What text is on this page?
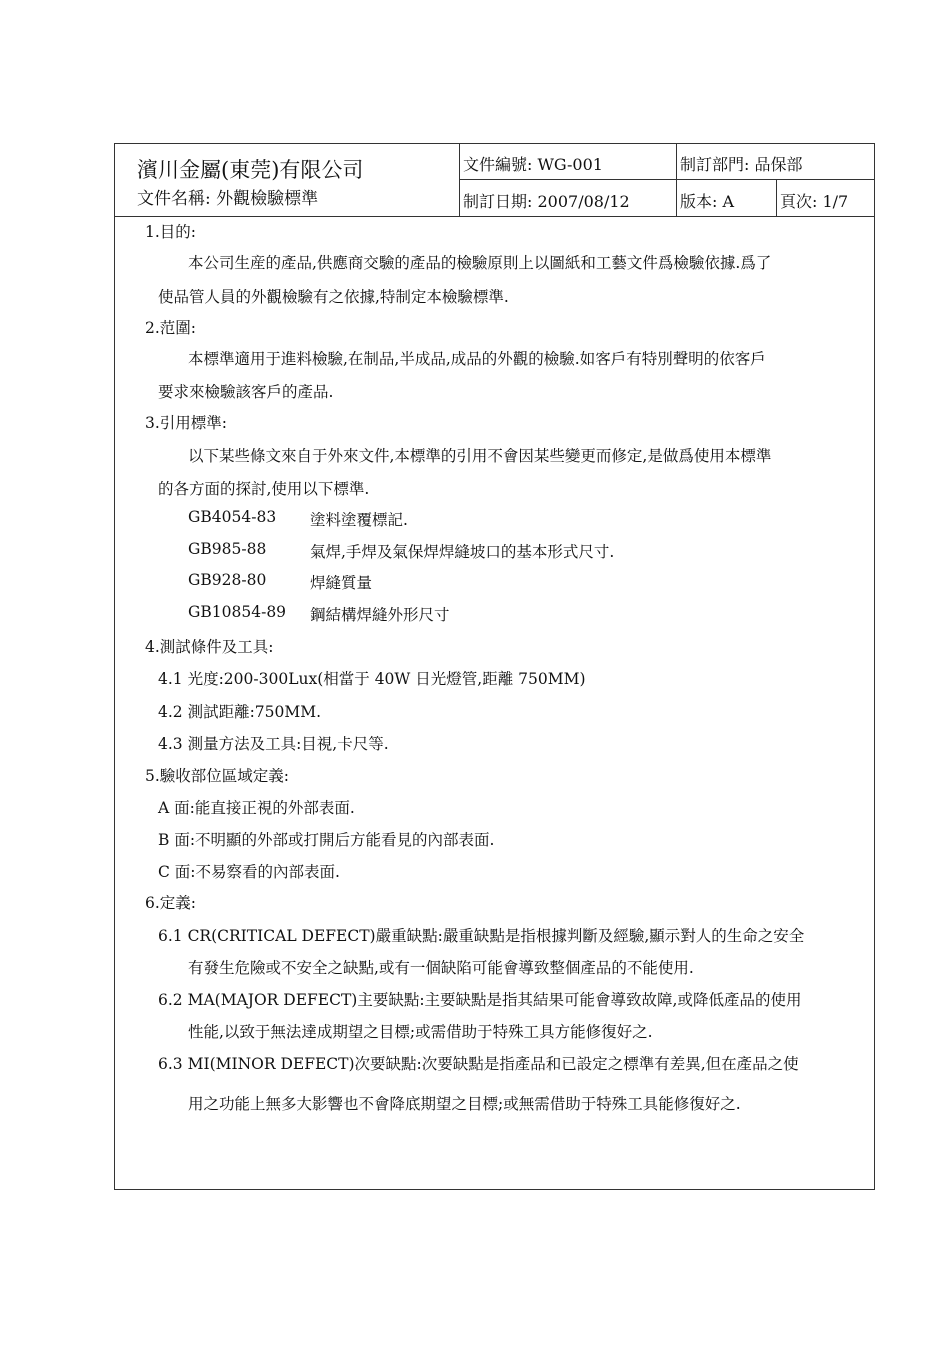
濱川金屬(東莞)有限公司
文件名稱: 外觀檢驗標準
文件編號: WG-001	制訂部門: 品保部
制訂日期: 2007/08/12	版本: A	頁次: 1/7
1.目的:
本公司生産的產品,供應商交驗的產品的檢驗原則上以圖紙和工藝文件爲檢驗依據.爲了
使品管人員的外觀檢驗有之依據,特制定本檢驗標準.
2.范圍:
本標準適用于進料檢驗,在制品,半成品,成品的外觀的檢驗.如客戶有特別聲明的依客戶
要求來檢驗該客戶的產品.
3.引用標準:
以下某些條文來自于外來文件,本標準的引用不會因某些變更而修定,是做爲使用本標準
的各方面的探討,使用以下標準.
GB4054-83 塗料塗覆標記.
GB985-88	氣焊,手焊及氣保焊焊縫坡口的基本形式尺寸.
GB928-80	焊縫質量
GB10854-89 鋼結構焊縫外形尺寸
4.測試條件及工具:
4.1 光度:200-300Lux(相當于 40W 日光燈管,距離 750MM)
4.2 測試距離:750MM.
4.3 測量方法及工具:目視,卡尺等.
5.驗收部位區域定義:
A 面:能直接正視的外部表面.
B 面:不明顯的外部或打開后方能看見的內部表面.
C 面:不易察看的內部表面.
6.定義:
6.1 CR(CRITICAL DEFECT)嚴重缺點:嚴重缺點是指根據判斷及經驗,顯示對人的生命之安全
有發生危險或不安全之缺點,或有一個缺陷可能會導致整個產品的不能使用.
6.2 MA(MAJOR DEFECT)主要缺點:主要缺點是指其結果可能會導致故障,或降低產品的使用
性能,以致于無法達成期望之目標;或需借助于特殊工具方能修復好之.
6.3 MI(MINOR DEFECT)次要缺點:次要缺點是指產品和已設定之標準有差異,但在產品之使
用之功能上無多大影響也不會降底期望之目標;或無需借助于特殊工具能修復好之.
